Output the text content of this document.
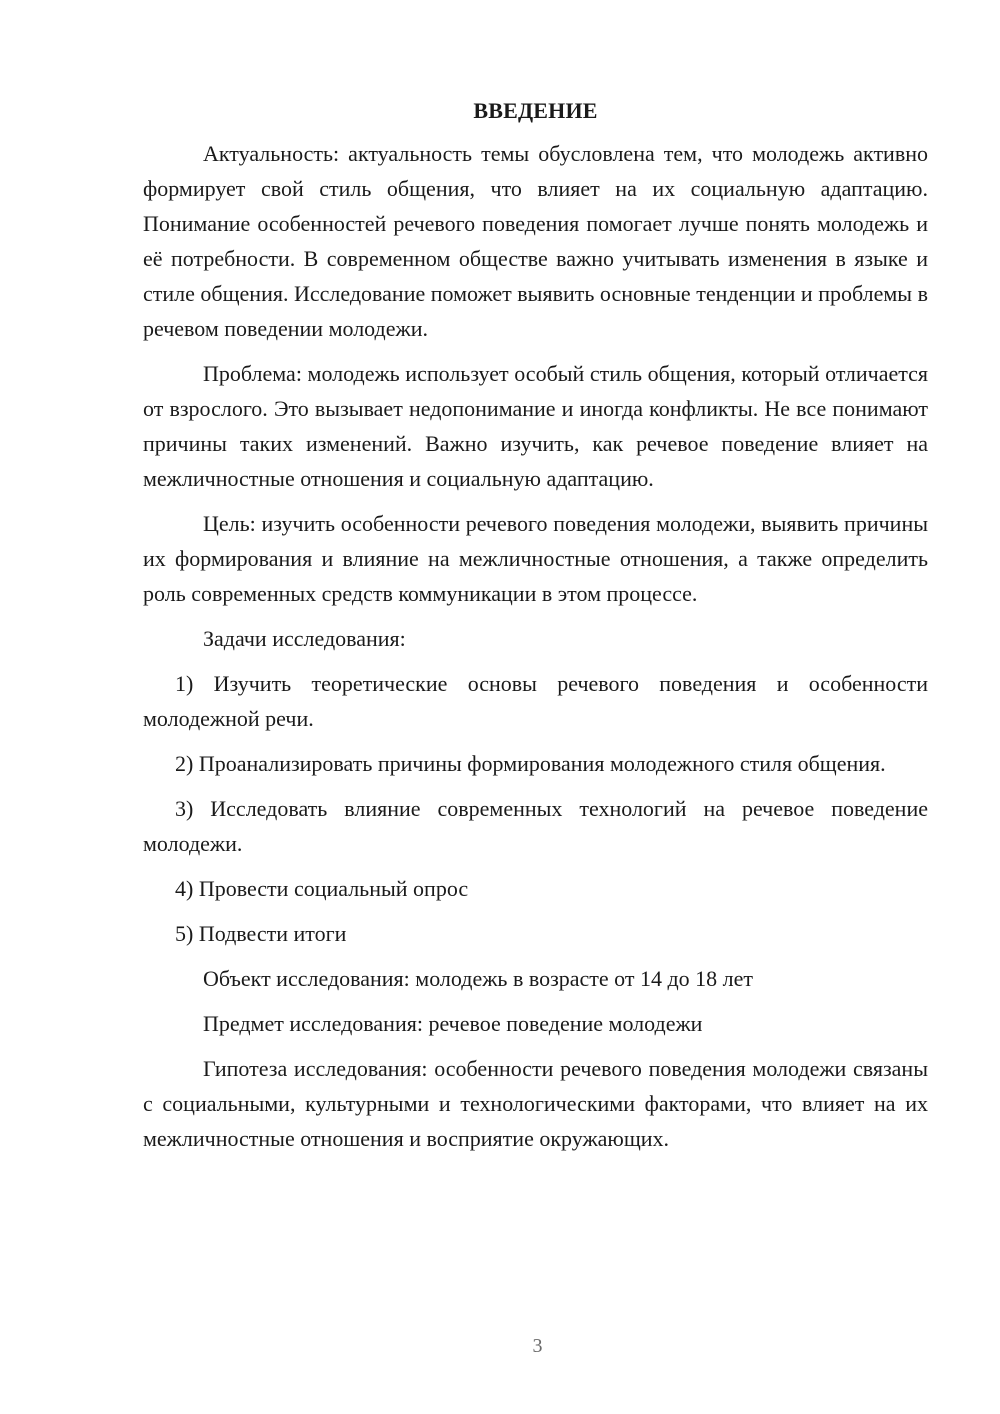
ВВЕДЕНИЕ

Актуальность: актуальность темы обусловлена тем, что молодежь активно формирует свой стиль общения, что влияет на их социальную адаптацию. Понимание особенностей речевого поведения помогает лучше понять молодежь и её потребности. В современном обществе важно учитывать изменения в языке и стиле общения. Исследование поможет выявить основные тенденции и проблемы в речевом поведении молодежи.

Проблема: молодежь использует особый стиль общения, который отличается от взрослого. Это вызывает недопонимание и иногда конфликты. Не все понимают причины таких изменений. Важно изучить, как речевое поведение влияет на межличностные отношения и социальную адаптацию.

Цель: изучить особенности речевого поведения молодежи, выявить причины их формирования и влияние на межличностные отношения, а также определить роль современных средств коммуникации в этом процессе.

Задачи исследования:

1) Изучить теоретические основы речевого поведения и особенности молодежной речи.

2) Проанализировать причины формирования молодежного стиля общения.

3) Исследовать влияние современных технологий на речевое поведение молодежи.

4) Провести социальный опрос

5) Подвести итоги

Объект исследования: молодежь в возрасте от 14 до 18 лет

Предмет исследования: речевое поведение молодежи

Гипотеза исследования: особенности речевого поведения молодежи связаны с социальными, культурными и технологическими факторами, что влияет на их межличностные отношения и восприятие окружающих.

3
